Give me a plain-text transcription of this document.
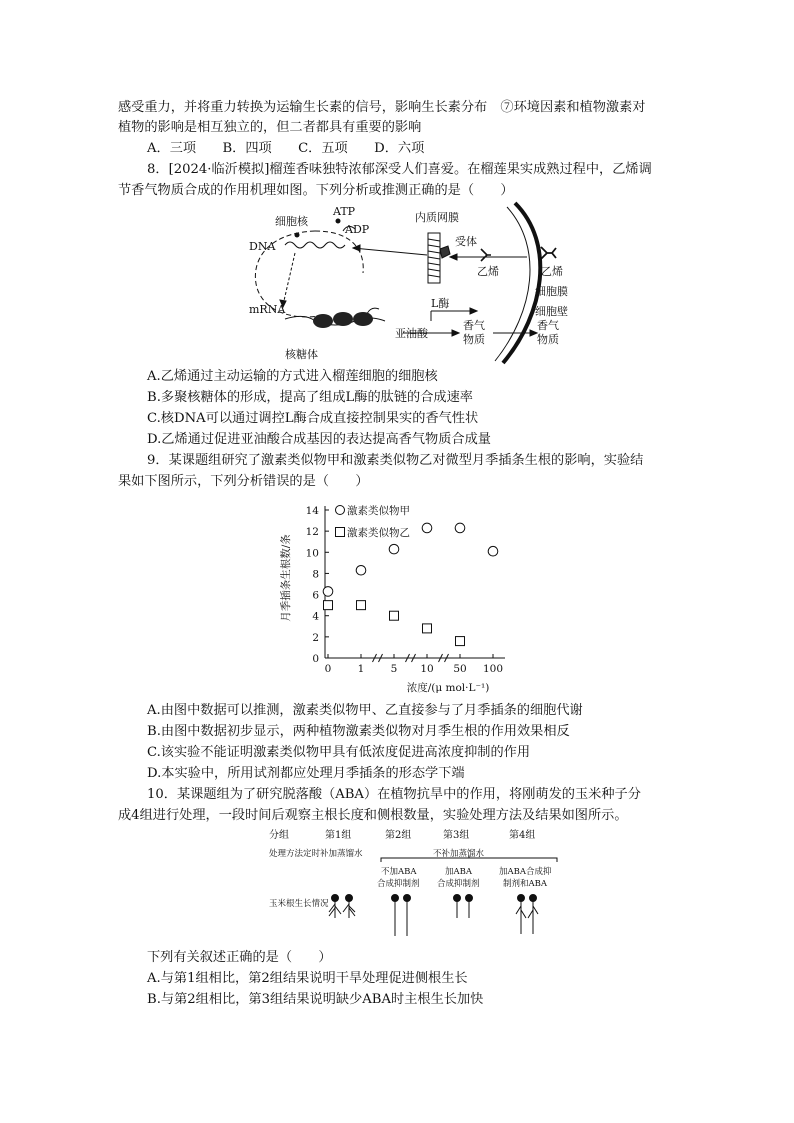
感受重力，并将重力转换为运输生长素的信号，影响生长素分布　⑦环境因素和植物激素对
植物的影响是相互独立的，但二者都具有重要的影响
A．三项　　B．四项　　C．五项　　D．六项
8．[2024·临沂模拟]榴莲香味独特浓郁深受人们喜爱。在榴莲果实成熟过程中，乙烯调
节香气物质合成的作用机理如图。下列分析或推测正确的是（　　）
细胞核
ATP
ADP
DNA
内质网膜
受体
乙烯	乙烯
细胞膜
细胞壁
mRNA
核糖体
亚油酸
L酶
香气
物质
香气
物质
A.乙烯通过主动运输的方式进入榴莲细胞的细胞核
B.多聚核糖体的形成，提高了组成L酶的肽链的合成速率
C.核DNA可以通过调控L酶合成直接控制果实的香气性状
D.乙烯通过促进亚油酸合成基因的表达提高香气物质合成量
9．某课题组研究了激素类似物甲和激素类似物乙对微型月季插条生根的影响，实验结
果如下图所示，下列分析错误的是（　　）
0
2
4
6
8
10
12
14
0	1	5 10 50 100
月季插条生根数/条
浓度/(μ mol·L⁻¹)
激素类似物甲
激素类似物乙
A.由图中数据可以推测，激素类似物甲、乙直接参与了月季插条的细胞代谢
B.由图中数据初步显示，两种植物激素类似物对月季生根的作用效果相反
C.该实验不能证明激素类似物甲具有低浓度促进高浓度抑制的作用
D.本实验中，所用试剂都应处理月季插条的形态学下端
10．某课题组为了研究脱落酸（ABA）在植物抗旱中的作用，将刚萌发的玉米种子分
成4组进行处理，一段时间后观察主根长度和侧根数量，实验处理方法及结果如图所示。
分组	第1组	第2组	第3组	第4组
处理方法 定时补加蒸馏水	不补加蒸馏水
不加ABA
合成抑制剂
加ABA
合成抑制剂
加ABA合成抑
制剂和ABA
玉米根生长情况
下列有关叙述正确的是（　　）
A.与第1组相比，第2组结果说明干旱处理促进侧根生长
B.与第2组相比，第3组结果说明缺少ABA时主根生长加快
